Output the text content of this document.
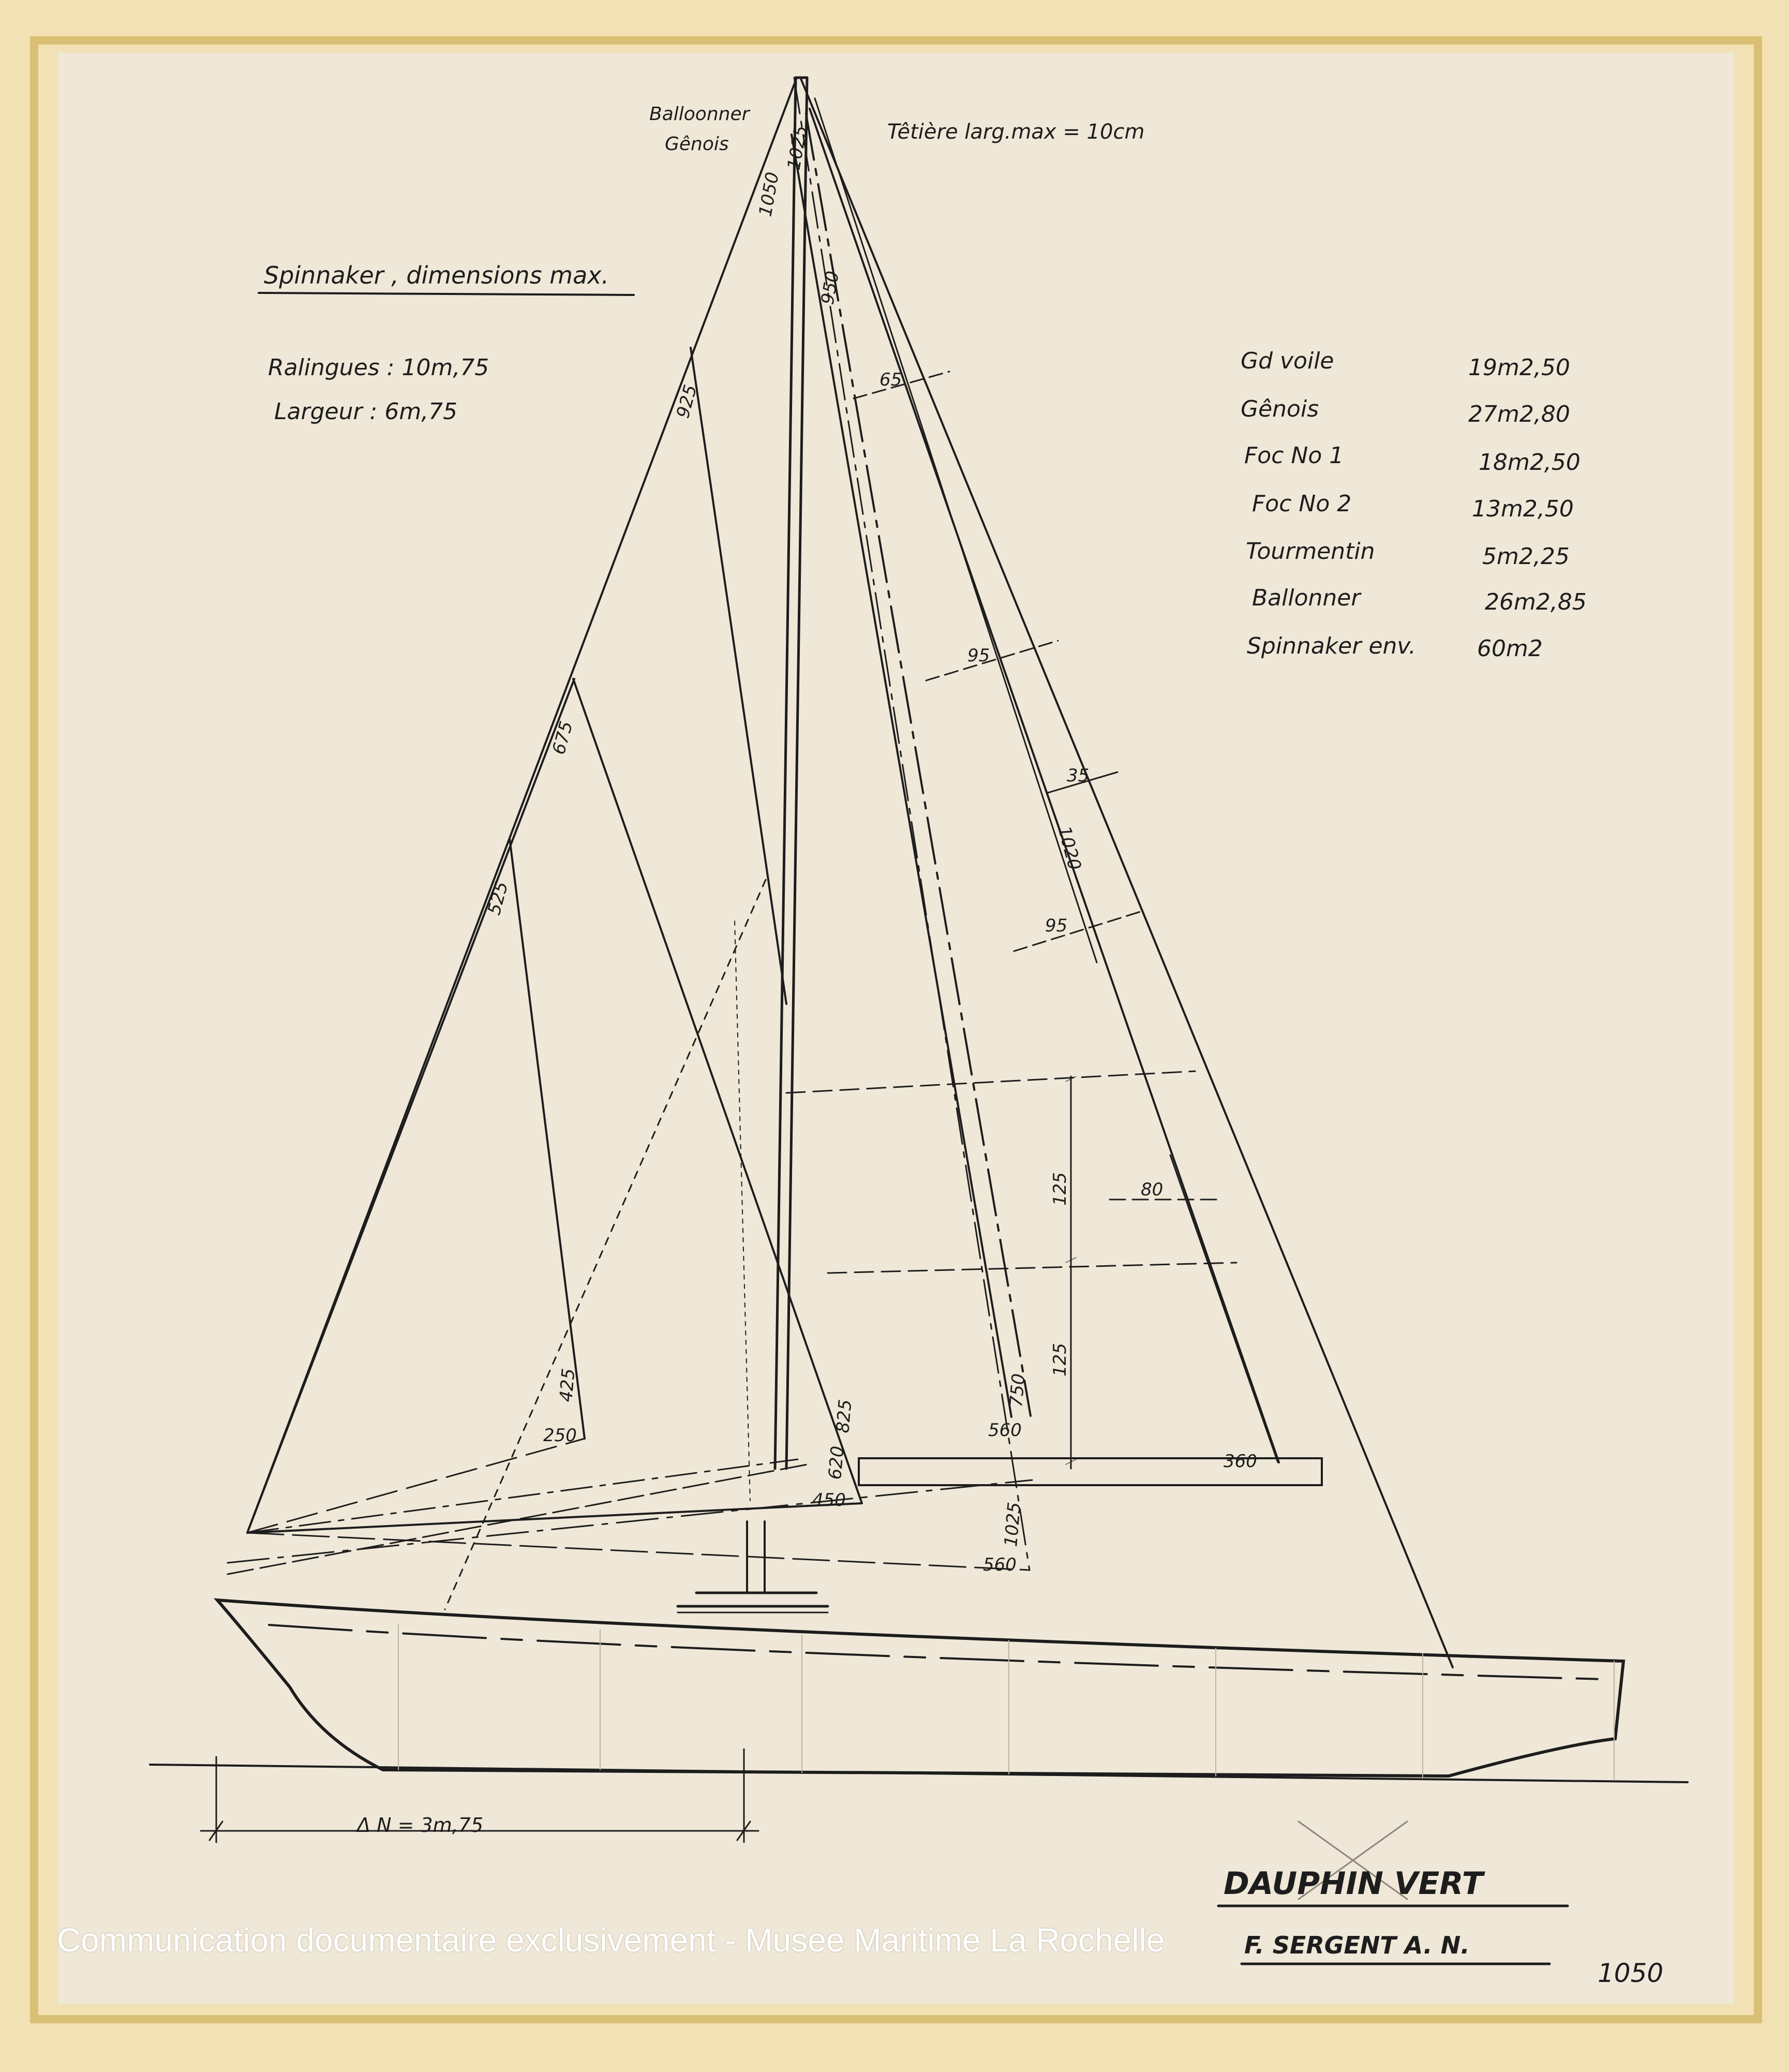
Balloonner
Gênois
Têtière larg.max = 10cm
Spinnaker , dimensions max.
Ralingues : 10m,75
Largeur : 6m,75
Gd voile	19m2,50
Gênois	27m2,80
Foc No 1	18m2,50
Foc No 2	13m2,50
Tourmentin	5m2,25
Ballonner	26m2,85
Spinnaker env.	60m2
1050
1025
950
65
95
35
1020
95
925
675
525
425
250
825
620
450
750
560
1025
560
125
125
80
360
Δ N = 3m,75
DAUPHIN VERT
F. SERGENT A. N.
1050
Communication documentaire exclusivement - Musee Maritime La Rochelle
